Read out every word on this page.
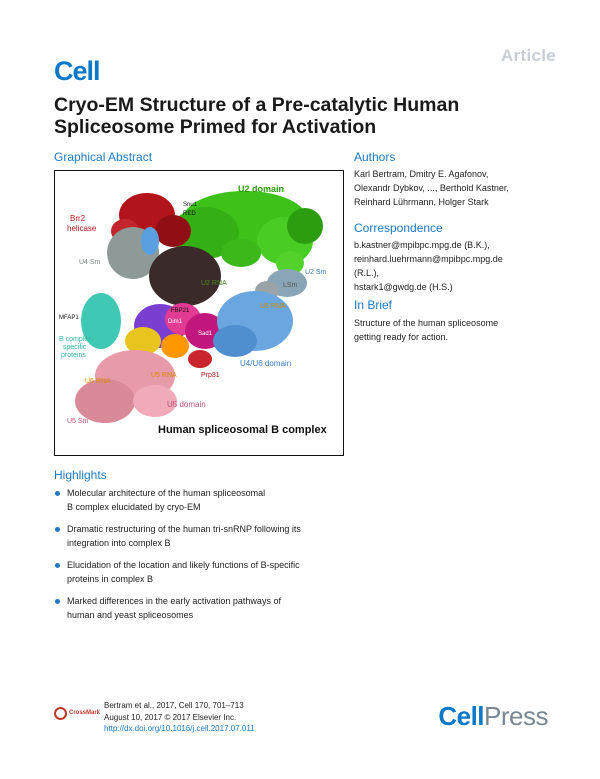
Article
Cell
Cryo-EM Structure of a Pre-catalytic Human Spliceosome Primed for Activation
Graphical Abstract
U2 domain
Snu1
RED
Brr2
helicase
U4 Sm
U2 RNA
U2 Sm
LSm
U6 RNA
MFAP1
FBP21
B complex
specific
proteins
Dim1
Sad1
U4/U6 domain
U5 RNA
U6 RNA
Prp31
U5 domain
U5 Sm
Human spliceosomal B complex
Authors
Karl Bertram, Dmitry E. Agafonov,
Olexandr Dybkov, ..., Berthold Kastner,
Reinhard Lührmann, Holger Stark
Correspondence
b.kastner@mpibpc.mpg.de (B.K.),
reinhard.luehrmann@mpibpc.mpg.de
(R.L.),
hstark1@gwdg.de (H.S.)
In Brief
Structure of the human spliceosome
getting ready for action.
Highlights
Molecular architecture of the human spliceosomal
B complex elucidated by cryo-EM
Dramatic restructuring of the human tri-snRNP following its
integration into complex B
Elucidation of the location and likely functions of B-specific
proteins in complex B
Marked differences in the early activation pathways of
human and yeast spliceosomes
CrossMark
Bertram et al., 2017, Cell 170, 701–713
August 10, 2017 © 2017 Elsevier Inc.
http://dx.doi.org/10.1016/j.cell.2017.07.011	CellPress
